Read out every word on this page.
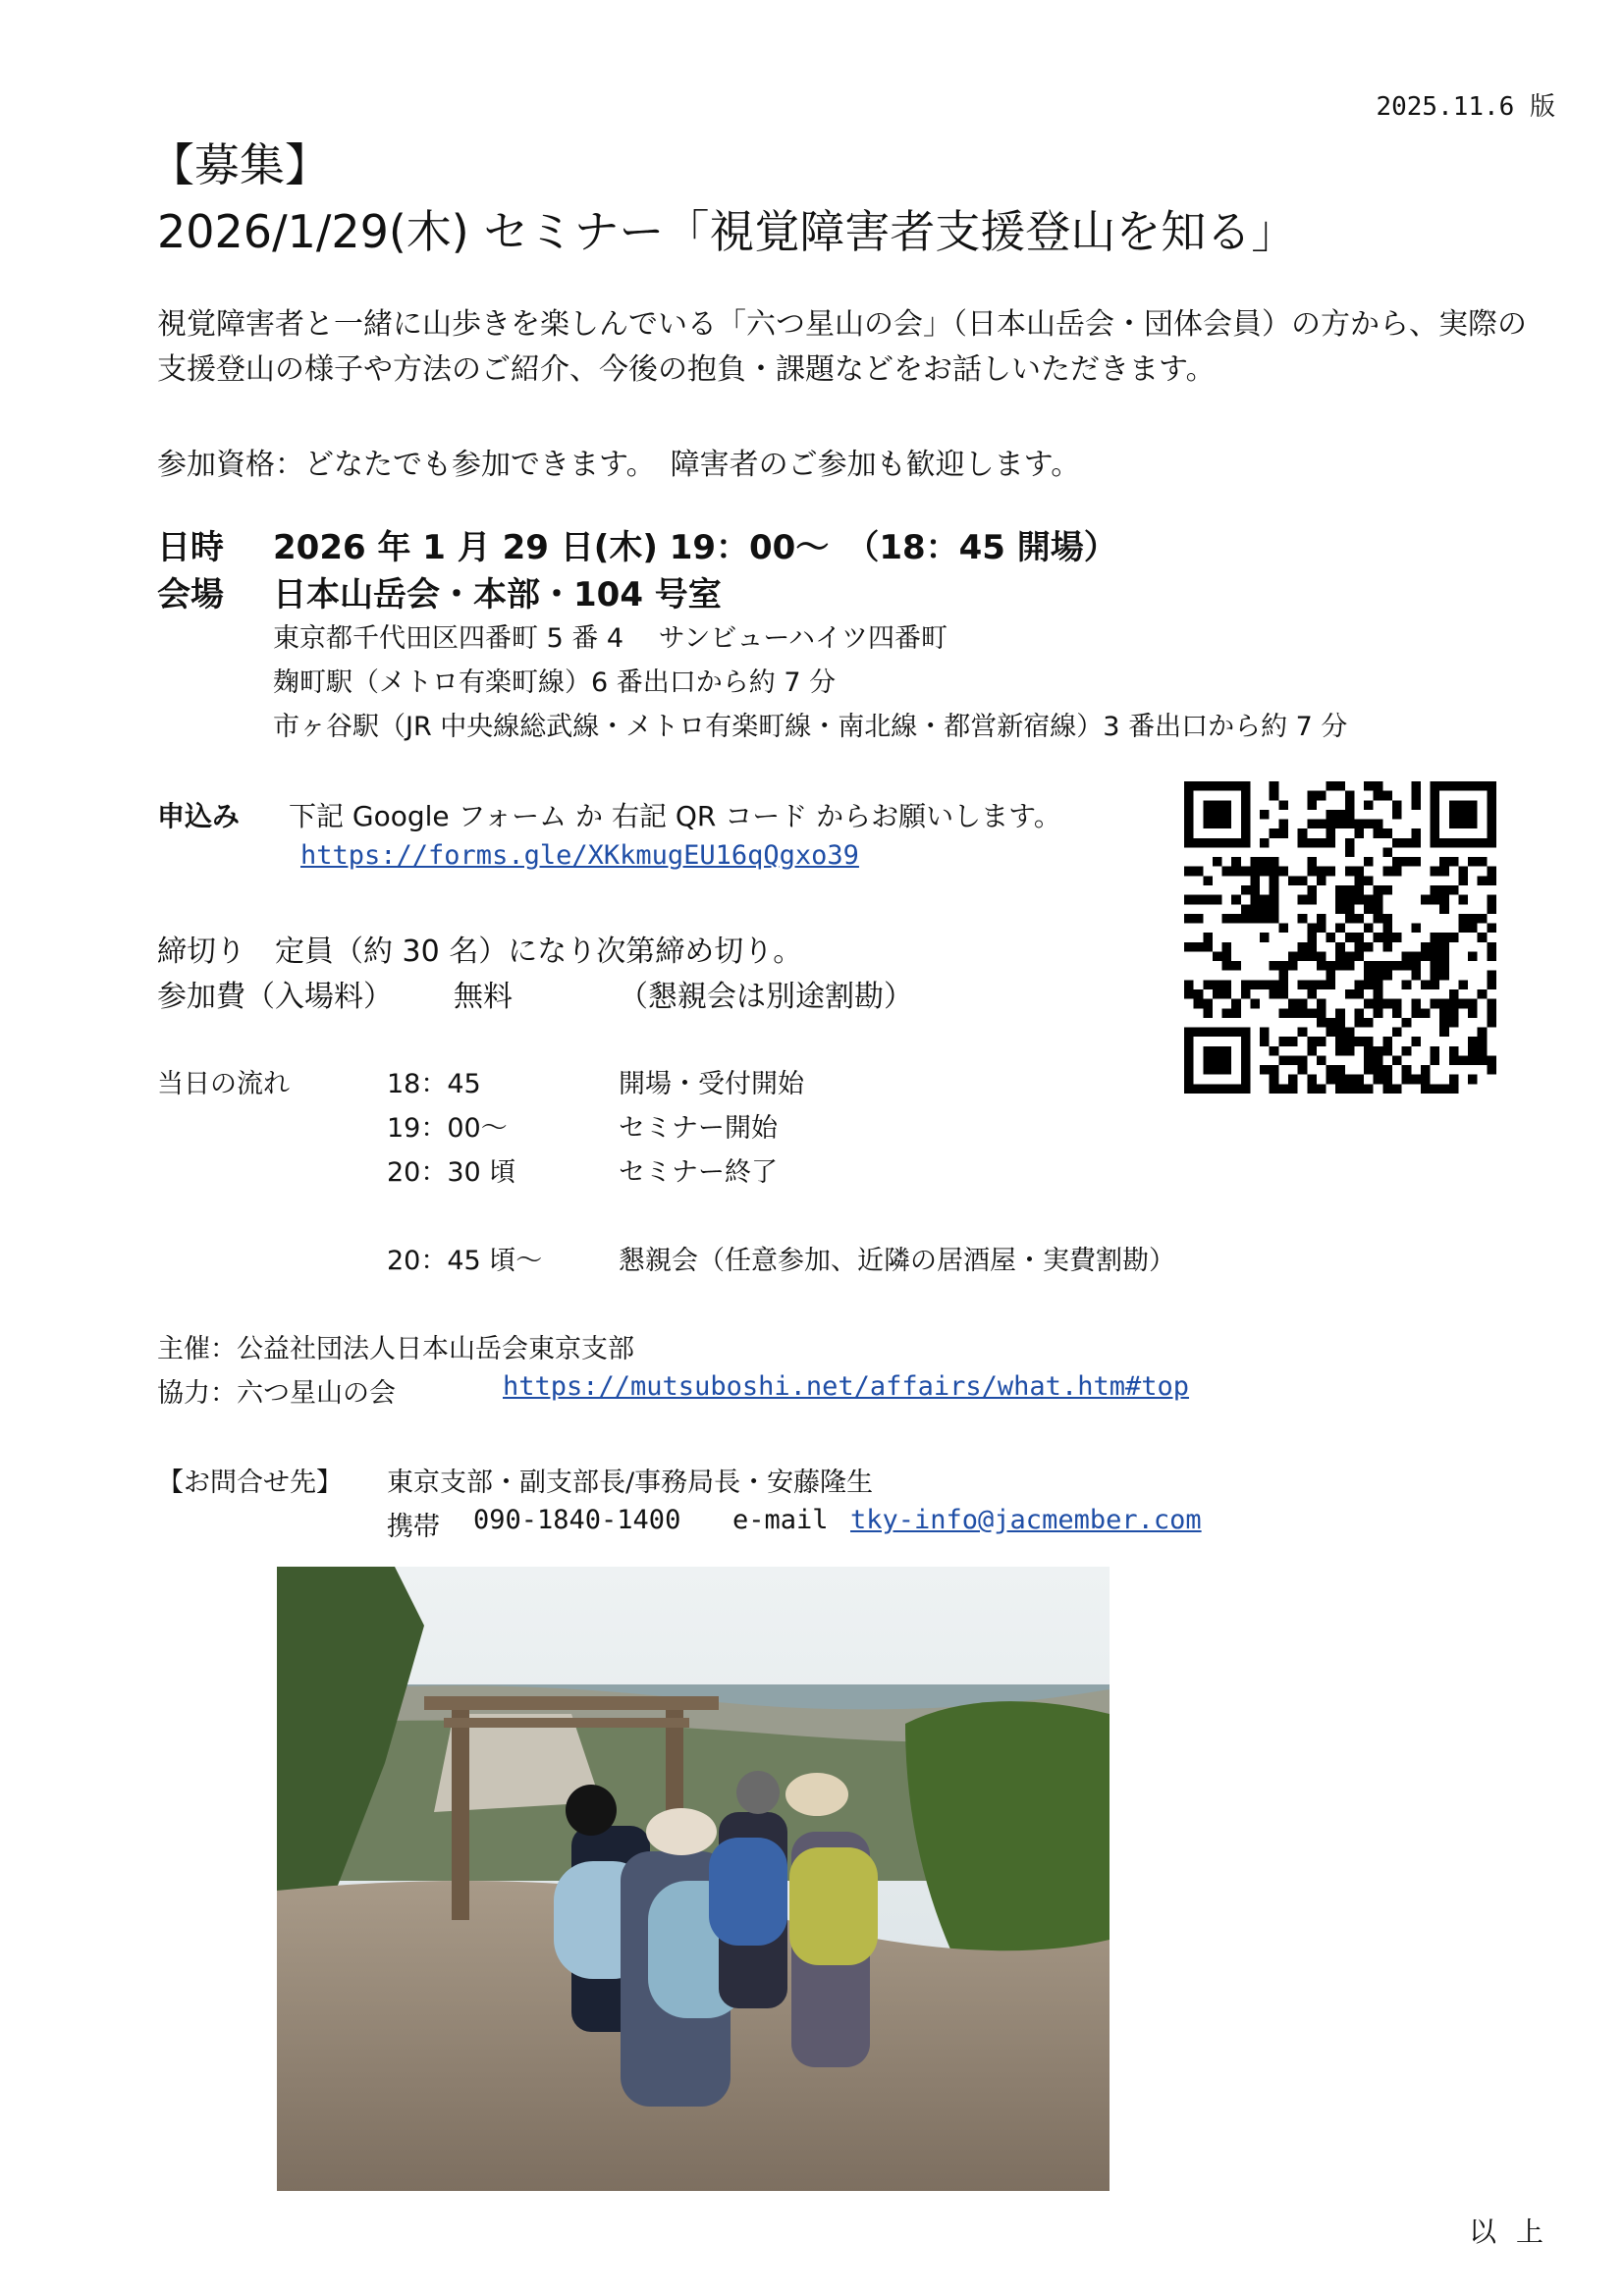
2025.11.6 版
【募集】
2026/1/29(木) セミナー「視覚障害者支援登山を知る」
視覚障害者と一緒に山歩きを楽しんでいる「六つ星山の会」（日本山岳会・団体会員）の方から、実際の支援登山の様子や方法のご紹介、今後の抱負・課題などをお話しいただきます。
参加資格：どなたでも参加できます。　障害者のご参加も歓迎します。
日時 2026 年 1 月 29 日(木) 19：00〜　（18：45 開場）
会場 日本山岳会・本部・104 号室
東京都千代田区四番町 5 番 4　 サンビューハイツ四番町
麹町駅（メトロ有楽町線）6 番出口から約 7 分
市ヶ谷駅（JR 中央線総武線・メトロ有楽町線・南北線・都営新宿線）3 番出口から約 7 分
申込み 下記 Google フォーム か 右記 QR コード からお願いします。
https://forms.gle/XKkmugEU16qQgxo39
締切り　定員（約 30 名）になり次第締め切り。
参加費（入場料） 無料	（懇親会は別途割勘）
当日の流れ	18：45	開場・受付開始
19：00〜	セミナー開始
20：30 頃	セミナー終了
20：45 頃〜	懇親会（任意参加、近隣の居酒屋・実費割勘）
主催：公益社団法人日本山岳会東京支部
協力：六つ星山の会	https://mutsuboshi.net/affairs/what.htm#top
【お問合せ先】 東京支部・副支部長/事務局長・安藤隆生
携帯 090-1840-1400 e-mail tky-info@jacmember.com
以上
